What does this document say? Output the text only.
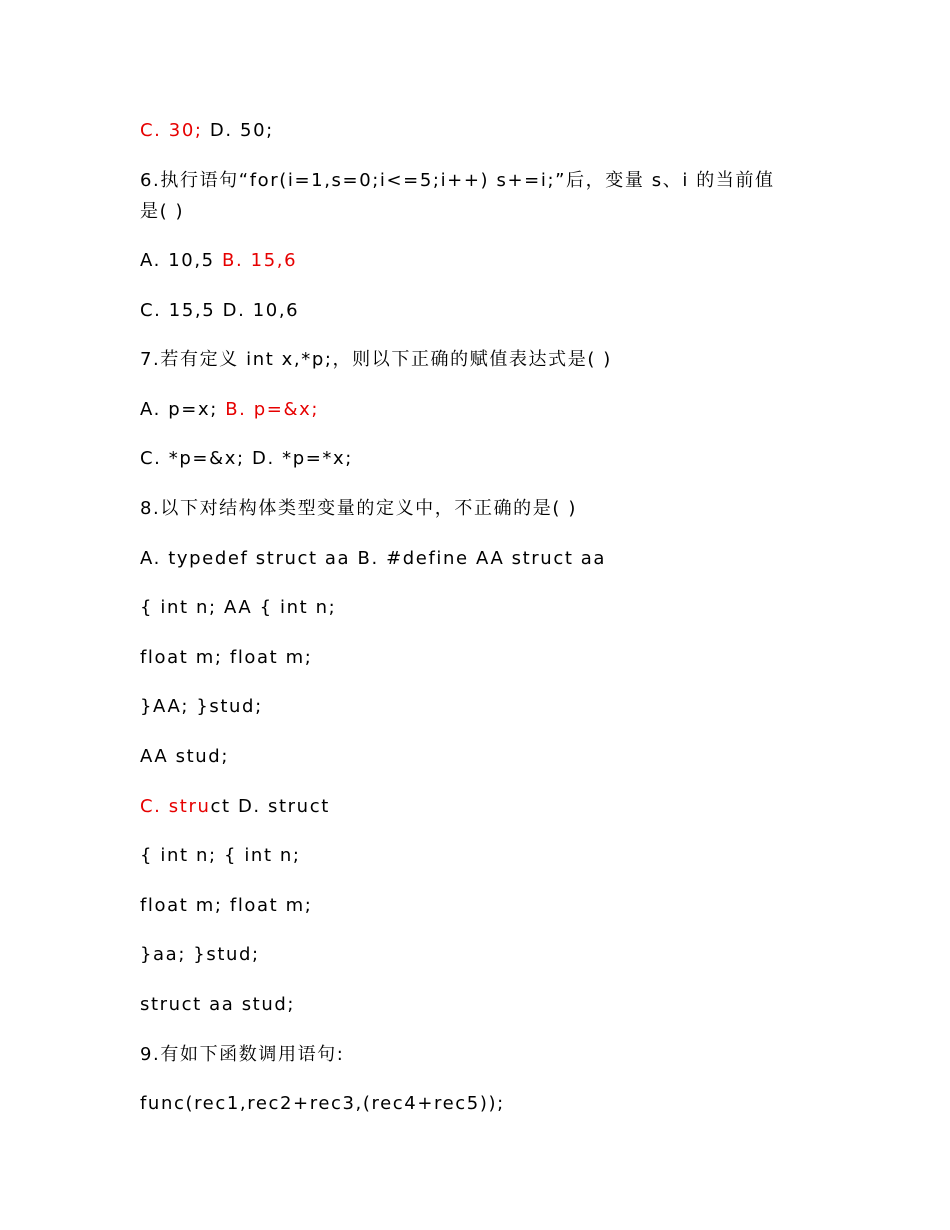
C. 30; D. 50;
6.执行语句“for(i=1,s=0;i<=5;i++) s+=i;”后，变量 s、i 的当前值
是( )
A. 10,5 B. 15,6
C. 15,5 D. 10,6
7.若有定义 int x,*p;，则以下正确的赋值表达式是( )
A. p=x; B. p=&x;
C. *p=&x; D. *p=*x;
8.以下对结构体类型变量的定义中，不正确的是( )
A. typedef struct aa B. #define AA struct aa
{ int n; AA { int n;
float m; float m;
}AA; }stud;
AA stud;
C. struct D. struct
{ int n; { int n;
float m; float m;
}aa; }stud;
struct aa stud;
9.有如下函数调用语句:
func(rec1,rec2+rec3,(rec4+rec5));
